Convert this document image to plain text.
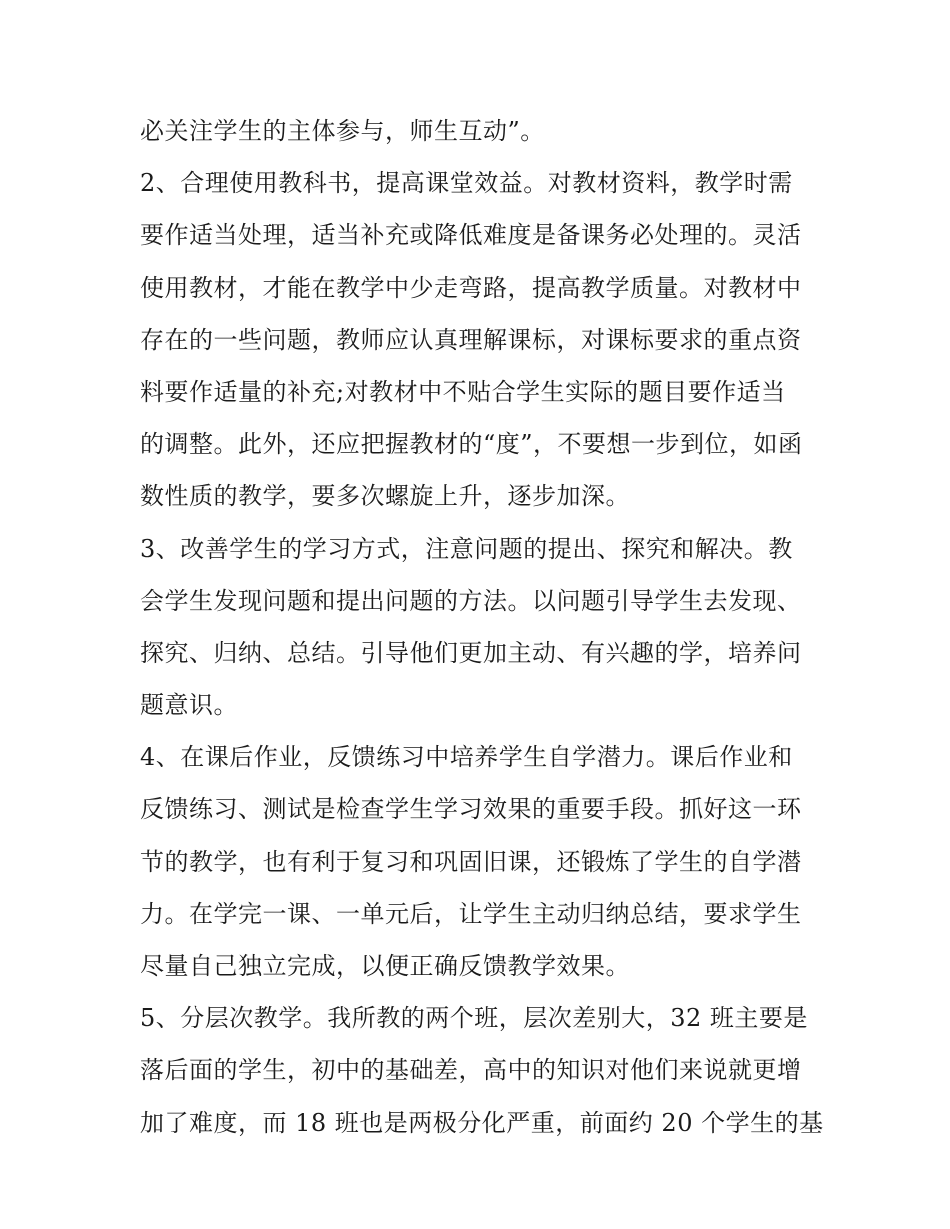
必关注学生的主体参与，师生互动”。
2、合理使用教科书，提高课堂效益。对教材资料，教学时需
要作适当处理，适当补充或降低难度是备课务必处理的。灵活
使用教材，才能在教学中少走弯路，提高教学质量。对教材中
存在的一些问题，教师应认真理解课标，对课标要求的重点资
料要作适量的补充;对教材中不贴合学生实际的题目要作适当
的调整。此外，还应把握教材的“度”，不要想一步到位，如函
数性质的教学，要多次螺旋上升，逐步加深。
3、改善学生的学习方式，注意问题的提出、探究和解决。教
会学生发现问题和提出问题的方法。以问题引导学生去发现、
探究、归纳、总结。引导他们更加主动、有兴趣的学，培养问
题意识。
4、在课后作业，反馈练习中培养学生自学潜力。课后作业和
反馈练习、测试是检查学生学习效果的重要手段。抓好这一环
节的教学，也有利于复习和巩固旧课，还锻炼了学生的自学潜
力。在学完一课、一单元后，让学生主动归纳总结，要求学生
尽量自己独立完成，以便正确反馈教学效果。
5、分层次教学。我所教的两个班，层次差别大，32 班主要是
落后面的学生，初中的基础差，高中的知识对他们来说就更增
加了难度，而 18 班也是两极分化严重，前面约 20 个学生的基
